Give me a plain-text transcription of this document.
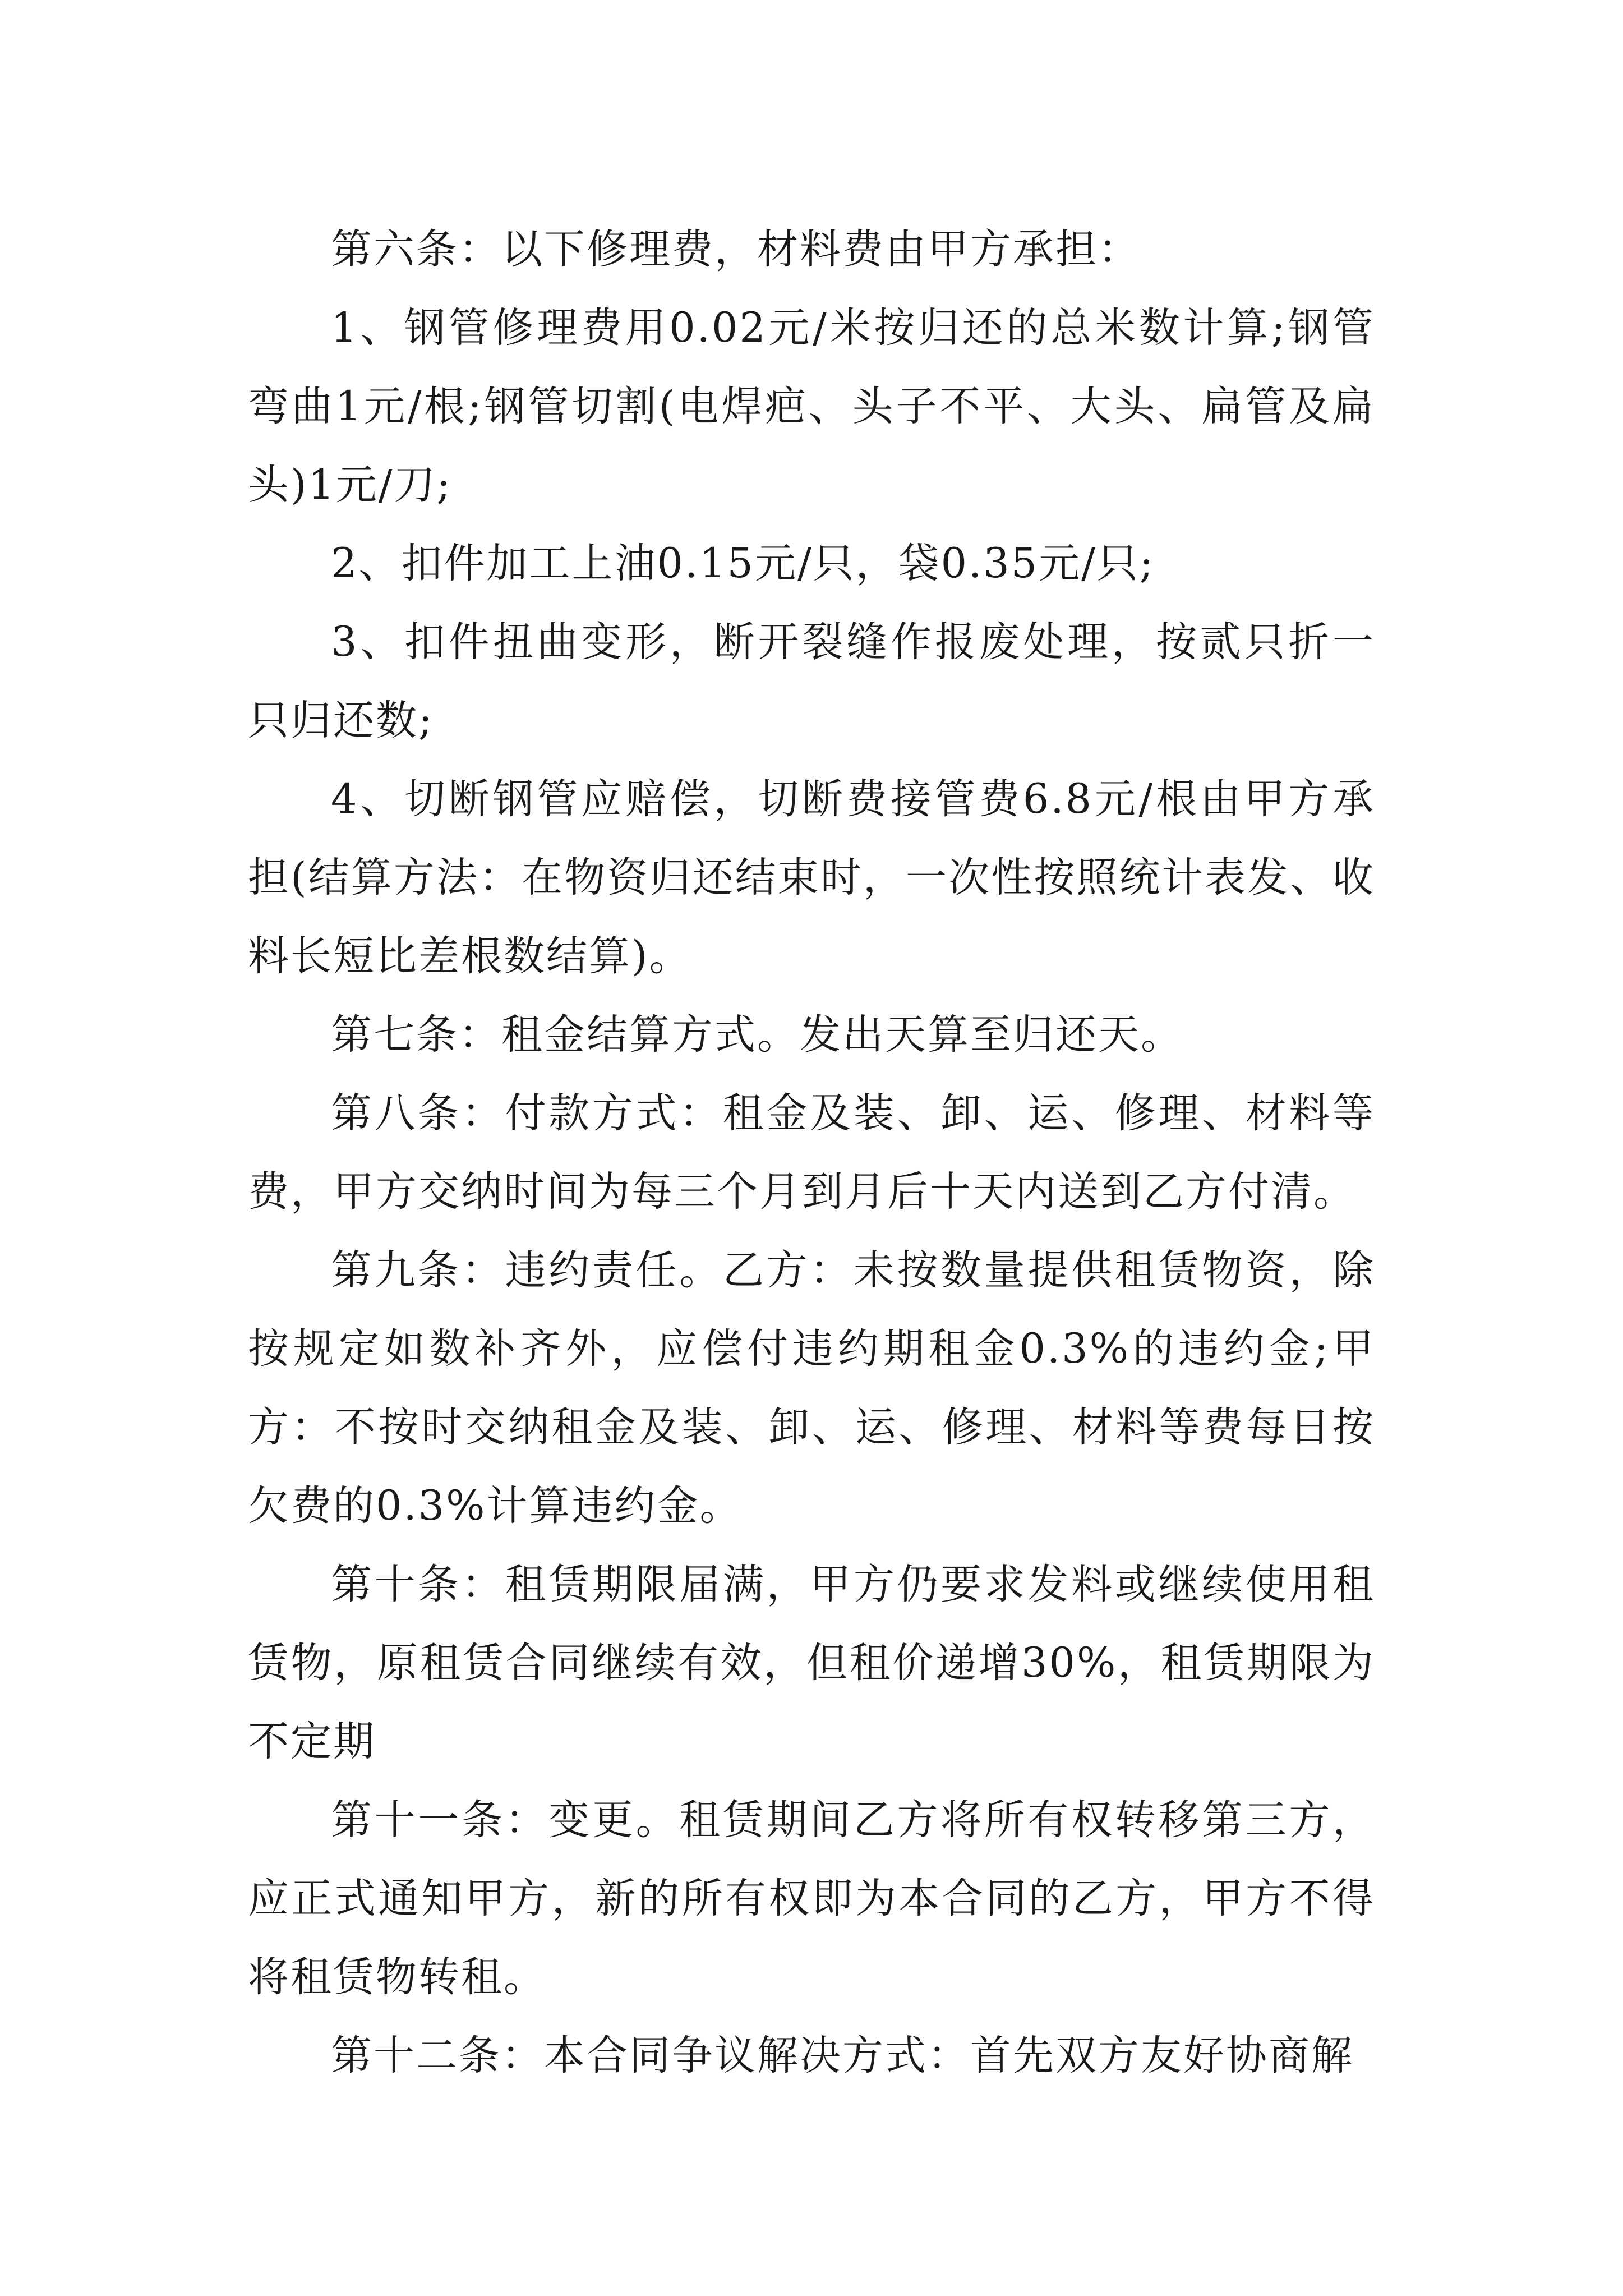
第六条：以下修理费，材料费由甲方承担：

1、钢管修理费用0.02元/米按归还的总米数计算;钢管弯曲1元/根;钢管切割(电焊疤、头子不平、大头、扁管及扁头)1元/刀;

2、扣件加工上油0.15元/只，袋0.35元/只;

3、扣件扭曲变形，断开裂缝作报废处理，按贰只折一只归还数;

4、切断钢管应赔偿，切断费接管费6.8元/根由甲方承担(结算方法：在物资归还结束时，一次性按照统计表发、收料长短比差根数结算)。

第七条：租金结算方式。发出天算至归还天。

第八条：付款方式：租金及装、卸、运、修理、材料等费，甲方交纳时间为每三个月到月后十天内送到乙方付清。

第九条：违约责任。乙方：未按数量提供租赁物资，除按规定如数补齐外，应偿付违约期租金0.3%的违约金;甲方：不按时交纳租金及装、卸、运、修理、材料等费每日按欠费的0.3%计算违约金。

第十条：租赁期限届满，甲方仍要求发料或继续使用租赁物，原租赁合同继续有效，但租价递增30%，租赁期限为不定期

第十一条：变更。租赁期间乙方将所有权转移第三方，应正式通知甲方，新的所有权即为本合同的乙方，甲方不得将租赁物转租。

第十二条：本合同争议解决方式：首先双方友好协商解
